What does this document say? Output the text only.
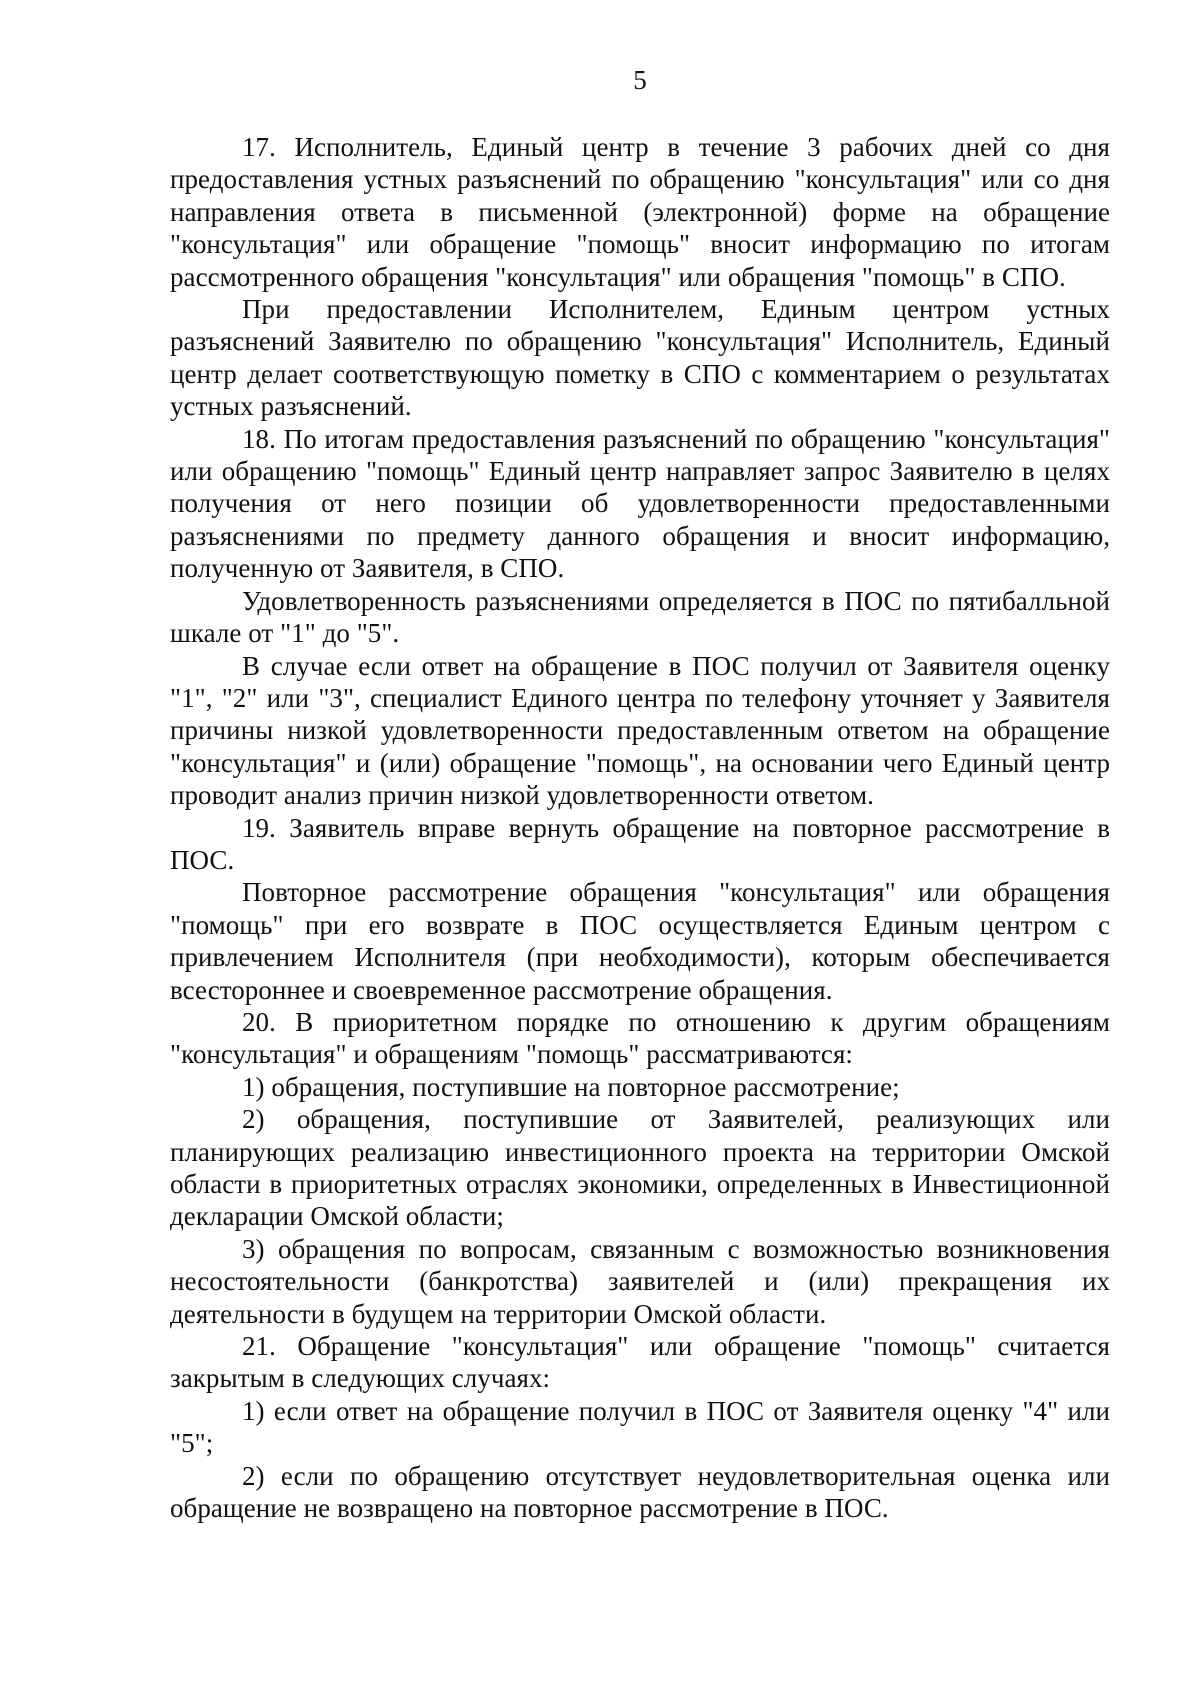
5

17. Исполнитель, Единый центр в течение 3 рабочих дней со дня предоставления устных разъяснений по обращению "консультация" или со дня направления ответа в письменной (электронной) форме на обращение "консультация" или обращение "помощь" вносит информацию по итогам рассмотренного обращения "консультация" или обращения "помощь" в СПО.

При предоставлении Исполнителем, Единым центром устных разъяснений Заявителю по обращению "консультация" Исполнитель, Единый центр делает соответствующую пометку в СПО с комментарием о результатах устных разъяснений.

18. По итогам предоставления разъяснений по обращению "консультация" или обращению "помощь" Единый центр направляет запрос Заявителю в целях получения от него позиции об удовлетворенности предоставленными разъяснениями по предмету данного обращения и вносит информацию, полученную от Заявителя, в СПО.

Удовлетворенность разъяснениями определяется в ПОС по пятибалльной шкале от "1" до "5".

В случае если ответ на обращение в ПОС получил от Заявителя оценку "1", "2" или "3", специалист Единого центра по телефону уточняет у Заявителя причины низкой удовлетворенности предоставленным ответом на обращение "консультация" и (или) обращение "помощь", на основании чего Единый центр проводит анализ причин низкой удовлетворенности ответом.

19. Заявитель вправе вернуть обращение на повторное рассмотрение в ПОС.

Повторное рассмотрение обращения "консультация" или обращения "помощь" при его возврате в ПОС осуществляется Единым центром с привлечением Исполнителя (при необходимости), которым обеспечивается всестороннее и своевременное рассмотрение обращения.

20. В приоритетном порядке по отношению к другим обращениям "консультация" и обращениям "помощь" рассматриваются:

1) обращения, поступившие на повторное рассмотрение;

2) обращения, поступившие от Заявителей, реализующих или планирующих реализацию инвестиционного проекта на территории Омской области в приоритетных отраслях экономики, определенных в Инвестиционной декларации Омской области;

3) обращения по вопросам, связанным с возможностью возникновения несостоятельности (банкротства) заявителей и (или) прекращения их деятельности в будущем на территории Омской области.

21. Обращение "консультация" или обращение "помощь" считается закрытым в следующих случаях:

1) если ответ на обращение получил в ПОС от Заявителя оценку "4" или "5";

2) если по обращению отсутствует неудовлетворительная оценка или обращение не возвращено на повторное рассмотрение в ПОС.
